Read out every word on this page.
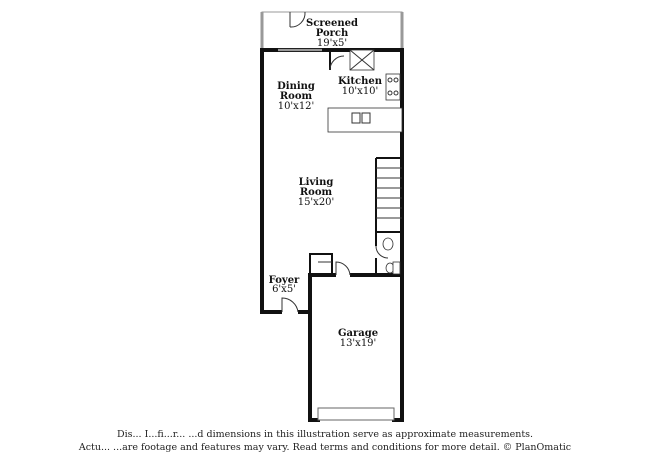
Screened
Porch
19'x5'
Kitchen
10'x10'
Dining
Room
10'x12'
Living
Room
15'x20'
Foyer
6'x5'
Garage
13'x19'
Dis... I...fi...r... ...d dimensions in this illustration serve as approximate measurements.
Actu... ...are footage and features may vary. Read terms and conditions for more detail. © PlanOmatic
